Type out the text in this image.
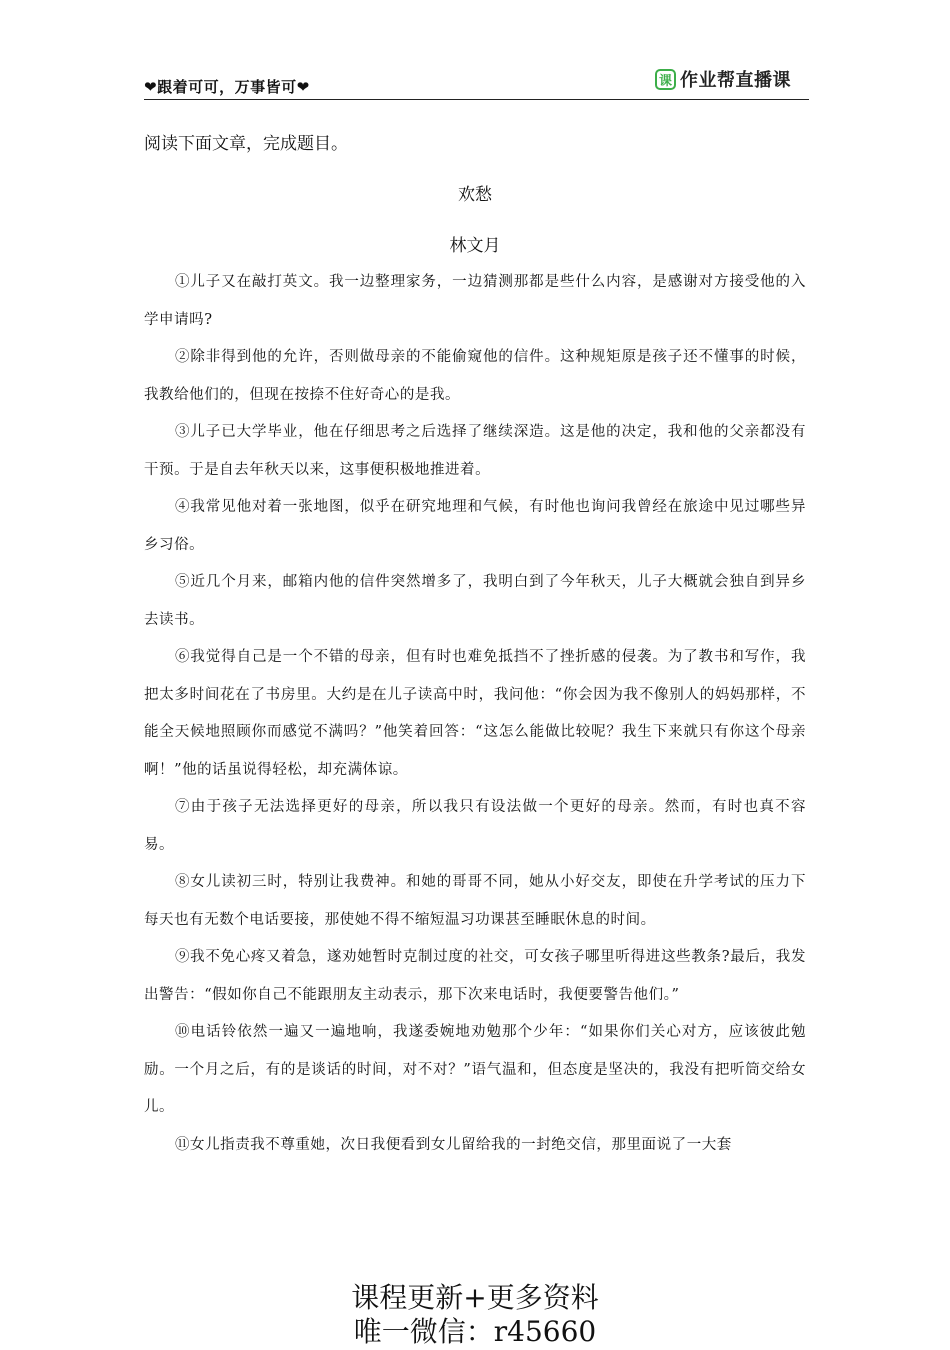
❤跟着可可，万事皆可❤	课 作业帮直播课
阅读下面文章，完成题目。
欢愁
林文月

①儿子又在敲打英文。我一边整理家务，一边猜测那都是些什么内容，是感谢对方接受他的入学申请吗?

②除非得到他的允许，否则做母亲的不能偷窥他的信件。这种规矩原是孩子还不懂事的时候，我教给他们的，但现在按捺不住好奇心的是我。

③儿子已大学毕业，他在仔细思考之后选择了继续深造。这是他的决定，我和他的父亲都没有干预。于是自去年秋天以来，这事便积极地推进着。

④我常见他对着一张地图，似乎在研究地理和气候，有时他也询问我曾经在旅途中见过哪些异乡习俗。

⑤近几个月来，邮箱内他的信件突然增多了，我明白到了今年秋天，儿子大概就会独自到异乡去读书。

⑥我觉得自己是一个不错的母亲，但有时也难免抵挡不了挫折感的侵袭。为了教书和写作，我把太多时间花在了书房里。大约是在儿子读高中时，我问他：“你会因为我不像别人的妈妈那样，不能全天候地照顾你而感觉不满吗？”他笑着回答：“这怎么能做比较呢？我生下来就只有你这个母亲啊！”他的话虽说得轻松，却充满体谅。

⑦由于孩子无法选择更好的母亲，所以我只有设法做一个更好的母亲。然而，有时也真不容易。

⑧女儿读初三时，特别让我费神。和她的哥哥不同，她从小好交友，即使在升学考试的压力下每天也有无数个电话要接，那使她不得不缩短温习功课甚至睡眠休息的时间。

⑨我不免心疼又着急，遂劝她暂时克制过度的社交，可女孩子哪里听得进这些教条?最后，我发出警告：“假如你自己不能跟朋友主动表示，那下次来电话时，我便要警告他们。”

⑩电话铃依然一遍又一遍地响，我遂委婉地劝勉那个少年：“如果你们关心对方，应该彼此勉励。一个月之后，有的是谈话的时间，对不对？”语气温和，但态度是坚决的，我没有把听筒交给女儿。

⑪女儿指责我不尊重她，次日我便看到女儿留给我的一封绝交信，那里面说了一大套

课程更新+更多资料
唯一微信：r45660
